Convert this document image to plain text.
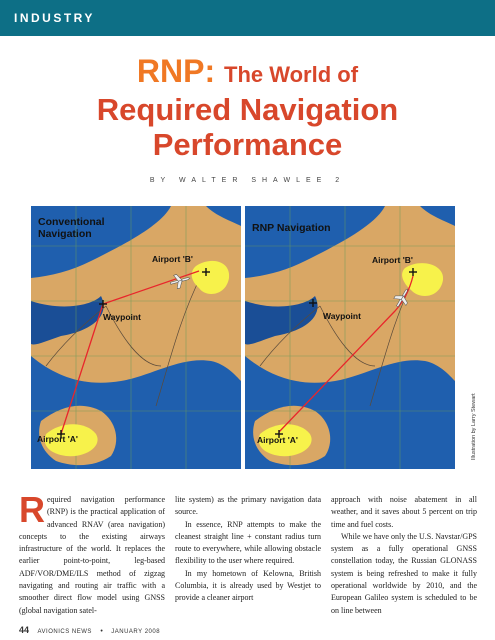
INDUSTRY
RNP: The World of
Required Navigation
Performance
BY WALTER SHAWLEE 2
Conventional
Navigation
Airport 'B'
Waypoint
Airport 'A'
RNP Navigation
Airport 'B'
Waypoint
Airport 'A'	Illustration by Larry Stewart

Required navigation performance (RNP) is the practical application of advanced RNAV (area navigation) concepts to the existing airways infrastructure of the world. It replaces the earlier point-to-point, leg-based ADF/VOR/DME/ILS method of zigzag navigating and routing air traffic with a smoother direct flow model using GNSS (global navigation satel-

lite system) as the primary navigation data source.

In essence, RNP attempts to make the cleanest straight line + constant radius turn route to everywhere, while allowing obstacle flexibility to the user where required.

In my hometown of Kelowna, British Columbia, it is already used by Westjet to provide a cleaner airport

approach with noise abatement in all weather, and it saves about 5 percent on trip time and fuel costs.

While we have only the U.S. Navstar/GPS system as a fully operational GNSS constellation today, the Russian GLONASS system is being refreshed to make it fully operational worldwide by 2010, and the European Galileo system is scheduled to be on line between

44 AVIONICS NEWS • JANUARY 2008
